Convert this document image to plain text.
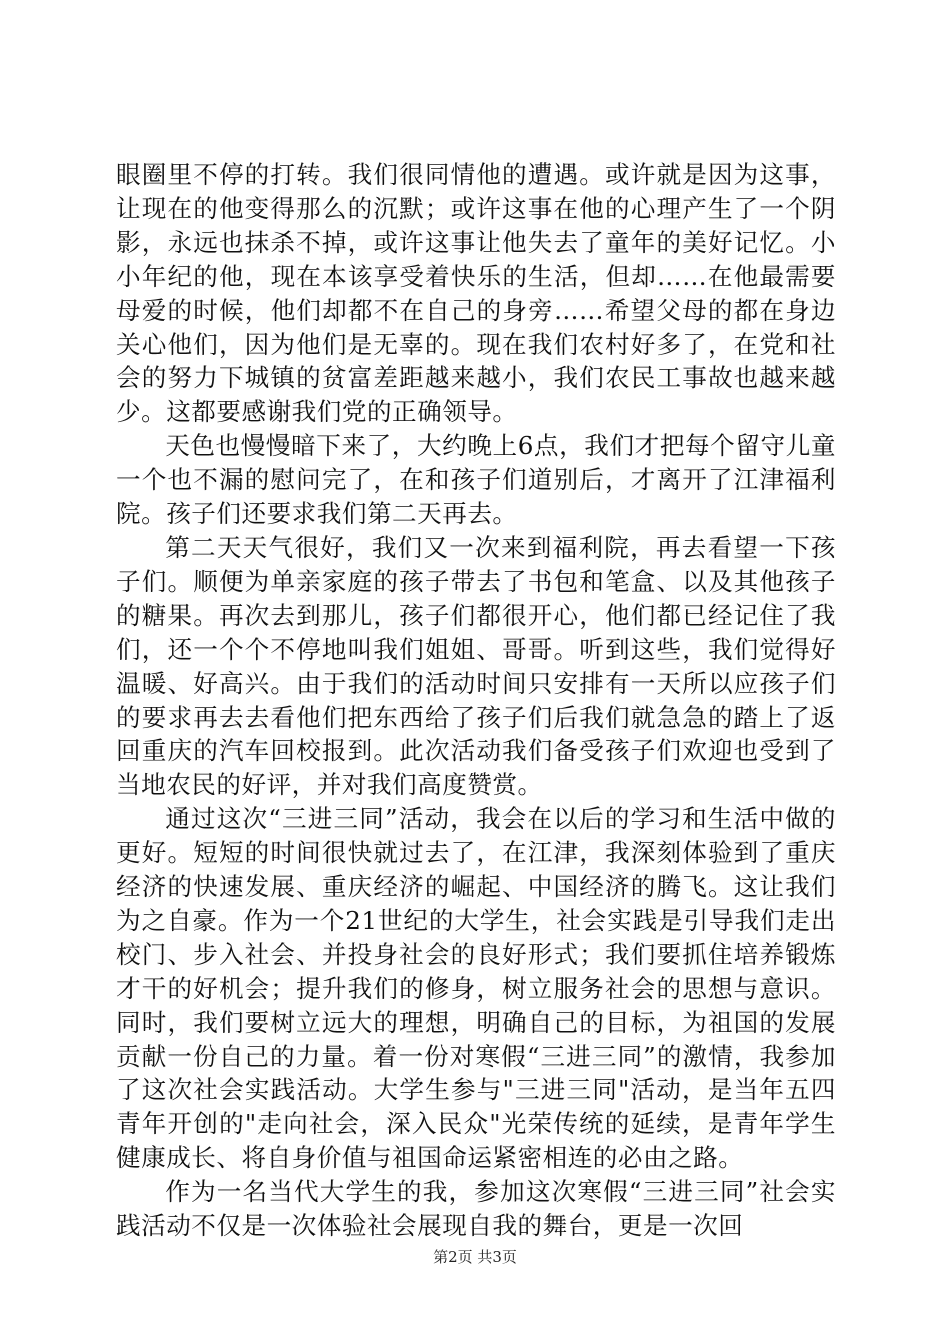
眼圈里不停的打转。我们很同情他的遭遇。或许就是因为这事，让现在的他变得那么的沉默；或许这事在他的心理产生了一个阴影，永远也抹杀不掉，或许这事让他失去了童年的美好记忆。小小年纪的他，现在本该享受着快乐的生活，但却……在他最需要母爱的时候，他们却都不在自己的身旁……希望父母的都在身边关心他们，因为他们是无辜的。现在我们农村好多了，在党和社会的努力下城镇的贫富差距越来越小，我们农民工事故也越来越少。这都要感谢我们党的正确领导。

天色也慢慢暗下来了，大约晚上6点，我们才把每个留守儿童一个也不漏的慰问完了，在和孩子们道别后，才离开了江津福利院。孩子们还要求我们第二天再去。

第二天天气很好，我们又一次来到福利院，再去看望一下孩子们。顺便为单亲家庭的孩子带去了书包和笔盒、以及其他孩子的糖果。再次去到那儿，孩子们都很开心，他们都已经记住了我们，还一个个不停地叫我们姐姐、哥哥。听到这些，我们觉得好温暖、好高兴。由于我们的活动时间只安排有一天所以应孩子们的要求再去去看他们把东西给了孩子们后我们就急急的踏上了返回重庆的汽车回校报到。此次活动我们备受孩子们欢迎也受到了当地农民的好评，并对我们高度赞赏。

通过这次“三进三同”活动，我会在以后的学习和生活中做的更好。短短的时间很快就过去了，在江津，我深刻体验到了重庆经济的快速发展、重庆经济的崛起、中国经济的腾飞。这让我们为之自豪。作为一个21世纪的大学生，社会实践是引导我们走出校门、步入社会、并投身社会的良好形式；我们要抓住培养锻炼才干的好机会；提升我们的修身，树立服务社会的思想与意识。同时，我们要树立远大的理想，明确自己的目标，为祖国的发展贡献一份自己的力量。着一份对寒假“三进三同”的激情，我参加了这次社会实践活动。大学生参与"三进三同"活动，是当年五四青年开创的"走向社会，深入民众"光荣传统的延续，是青年学生健康成长、将自身价值与祖国命运紧密相连的必由之路。

作为一名当代大学生的我，参加这次寒假“三进三同”社会实践活动不仅是一次体验社会展现自我的舞台，更是一次回

第2页 共3页
